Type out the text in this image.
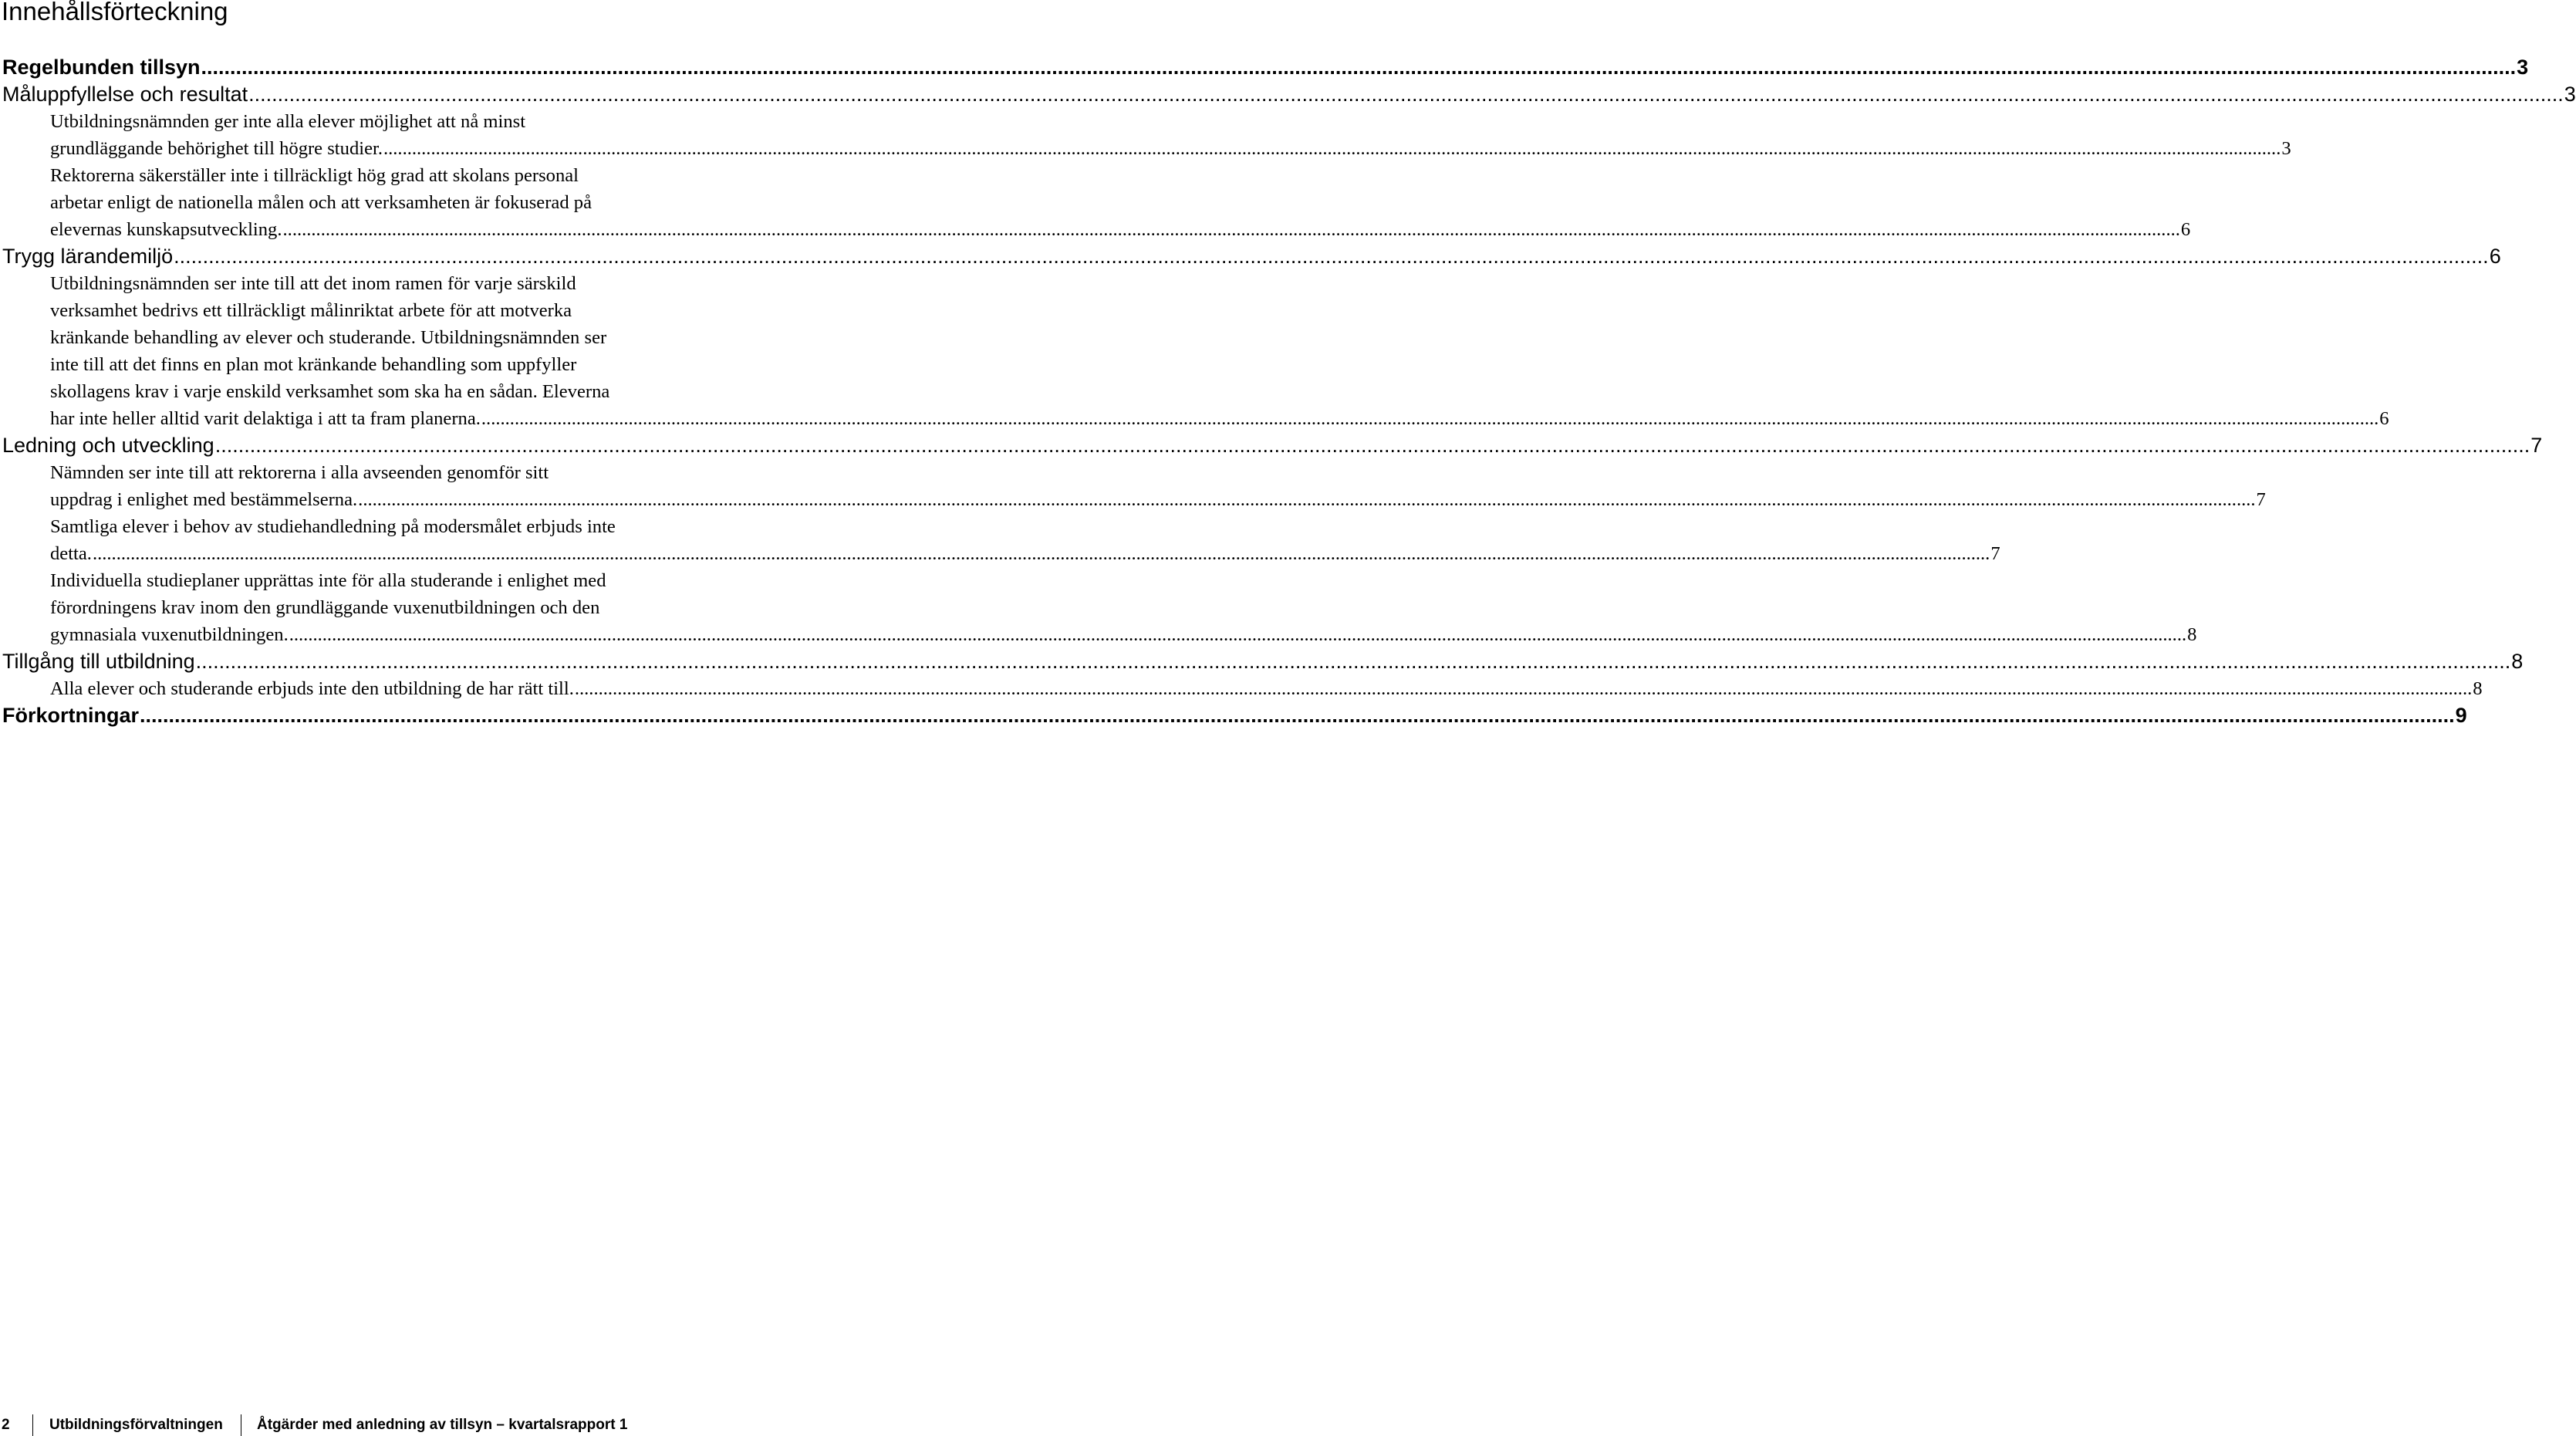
Innehållsförteckning
Regelbunden tillsyn ................................................................................................................................................................................................................................................................................................................................................................................................................ 3
Måluppfyllelse och resultat ................................................................................................................................................................................................................................................................................................................................................................................................................ 3
Utbildningsnämnden ger inte alla elever möjlighet att nå minst
grundläggande behörighet till högre studier. ................................................................................................................................................................................................................................................................................................................................................................................................................ 3
Rektorerna säkerställer inte i tillräckligt hög grad att skolans personal
arbetar enligt de nationella målen och att verksamheten är fokuserad på
elevernas kunskapsutveckling. ................................................................................................................................................................................................................................................................................................................................................................................................................ 6
Trygg lärandemiljö ................................................................................................................................................................................................................................................................................................................................................................................................................ 6
Utbildningsnämnden ser inte till att det inom ramen för varje särskild
verksamhet bedrivs ett tillräckligt målinriktat arbete för att motverka
kränkande behandling av elever och studerande. Utbildningsnämnden ser
inte till att det finns en plan mot kränkande behandling som uppfyller
skollagens krav i varje enskild verksamhet som ska ha en sådan. Eleverna
har inte heller alltid varit delaktiga i att ta fram planerna. ................................................................................................................................................................................................................................................................................................................................................................................................................ 6
Ledning och utveckling ................................................................................................................................................................................................................................................................................................................................................................................................................ 7
Nämnden ser inte till att rektorerna i alla avseenden genomför sitt
uppdrag i enlighet med bestämmelserna. ................................................................................................................................................................................................................................................................................................................................................................................................................ 7
Samtliga elever i behov av studiehandledning på modersmålet erbjuds inte
detta. ................................................................................................................................................................................................................................................................................................................................................................................................................ 7
Individuella studieplaner upprättas inte för alla studerande i enlighet med
förordningens krav inom den grundläggande vuxenutbildningen och den
gymnasiala vuxenutbildningen. ................................................................................................................................................................................................................................................................................................................................................................................................................ 8
Tillgång till utbildning ................................................................................................................................................................................................................................................................................................................................................................................................................ 8
Alla elever och studerande erbjuds inte den utbildning de har rätt till. ................................................................................................................................................................................................................................................................................................................................................................................................................ 8
Förkortningar ................................................................................................................................................................................................................................................................................................................................................................................................................ 9
2	Utbildningsförvaltningen Åtgärder med anledning av tillsyn – kvartalsrapport 1
